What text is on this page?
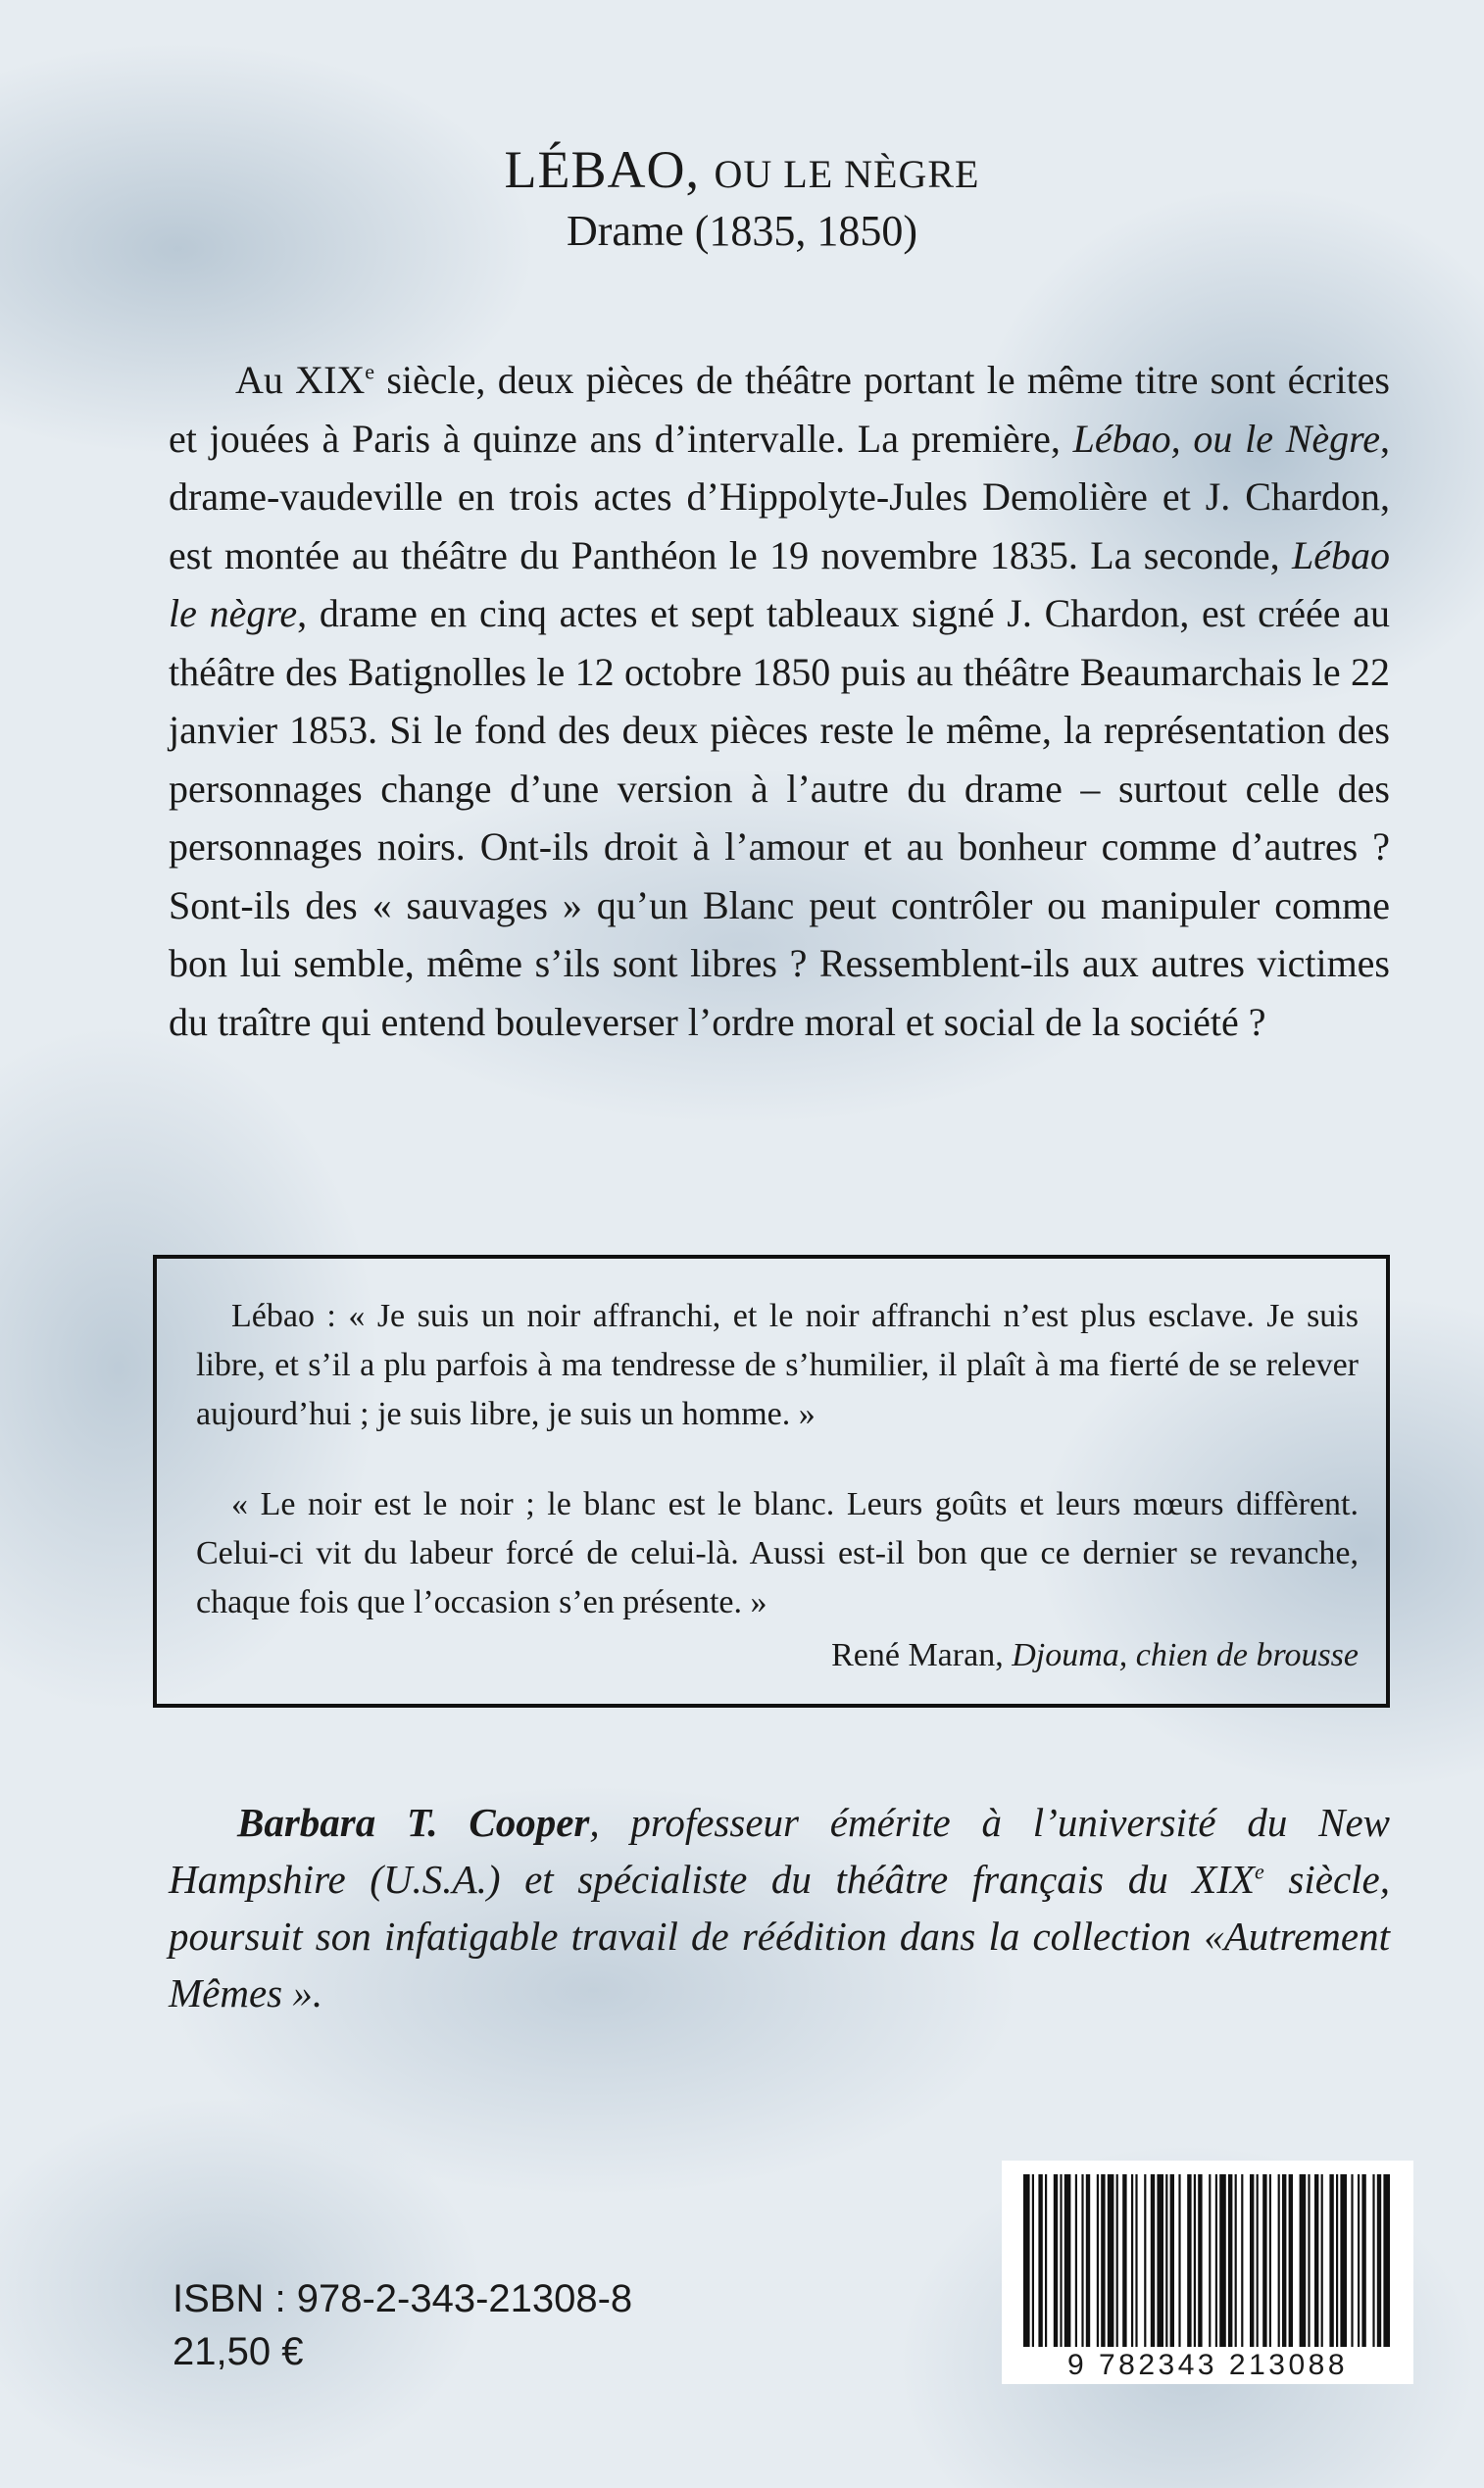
LÉBAO, OU LE NÈGRE
Drame (1835, 1850)

Au XIXe siècle, deux pièces de théâtre portant le même titre sont écrites et jouées à Paris à quinze ans d’intervalle. La première, Lébao, ou le Nègre, drame-vaudeville en trois actes d’Hippolyte-Jules Demolière et J. Chardon, est montée au théâtre du Panthéon le 19 novembre 1835. La seconde, Lébao le nègre, drame en cinq actes et sept tableaux signé J. Chardon, est créée au théâtre des Batignolles le 12 octobre 1850 puis au théâtre Beaumarchais le 22 janvier 1853. Si le fond des deux pièces reste le même, la représentation des personnages change d’une version à l’autre du drame – surtout celle des personnages noirs. Ont-ils droit à l’amour et au bonheur comme d’autres ? Sont-ils des « sauvages » qu’un Blanc peut contrôler ou manipuler comme bon lui semble, même s’ils sont libres ? Ressemblent-ils aux autres victimes du traître qui entend bouleverser l’ordre moral et social de la société ?

Lébao : « Je suis un noir affranchi, et le noir affranchi n’est plus esclave. Je suis libre, et s’il a plu parfois à ma tendresse de s’humilier, il plaît à ma fierté de se relever aujourd’hui ; je suis libre, je suis un homme. »

« Le noir est le noir ; le blanc est le blanc. Leurs goûts et leurs mœurs diffèrent. Celui-ci vit du labeur forcé de celui-là. Aussi est-il bon que ce dernier se revanche, chaque fois que l’occasion s’en présente. »

René Maran, Djouma, chien de brousse

Barbara T. Cooper, professeur émérite à l’université du New Hampshire (U.S.A.) et spécialiste du théâtre français du XIXe siècle, poursuit son infatigable travail de réédition dans la collection «Autrement Mêmes ».

ISBN : 978-2-343-21308-8
21,50 €	9 782343 213088
